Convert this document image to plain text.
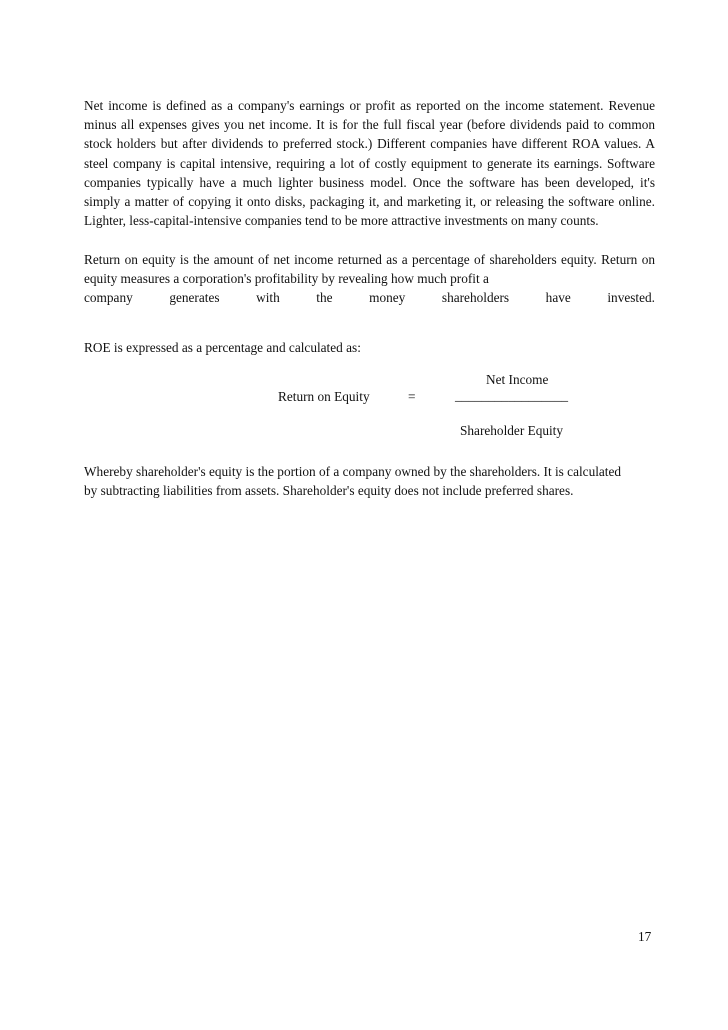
Net income is defined as a company's earnings or profit as reported on the income statement. Revenue minus all expenses gives you net income. It is for the full fiscal year (before dividends paid to common stock holders but after dividends to preferred stock.) Different companies have different ROA values. A steel company is capital intensive, requiring a lot of costly equipment to generate its earnings. Software companies typically have a much lighter business model. Once the software has been developed, it's simply a matter of copying it onto disks, packaging it, and marketing it, or releasing the software online. Lighter, less-capital-intensive companies tend to be more attractive investments on many counts.

Return on equity is the amount of net income returned as a percentage of shareholders equity. Return on equity measures a corporation's profitability by revealing how much profit a
company generates with the money shareholders have invested.

ROE is expressed as a percentage and calculated as:

Net Income

Return on Equity	=	_________________

Shareholder Equity

Whereby shareholder's equity is the portion of a company owned by the shareholders. It is calculated by subtracting liabilities from assets. Shareholder's equity does not include preferred shares.

17
